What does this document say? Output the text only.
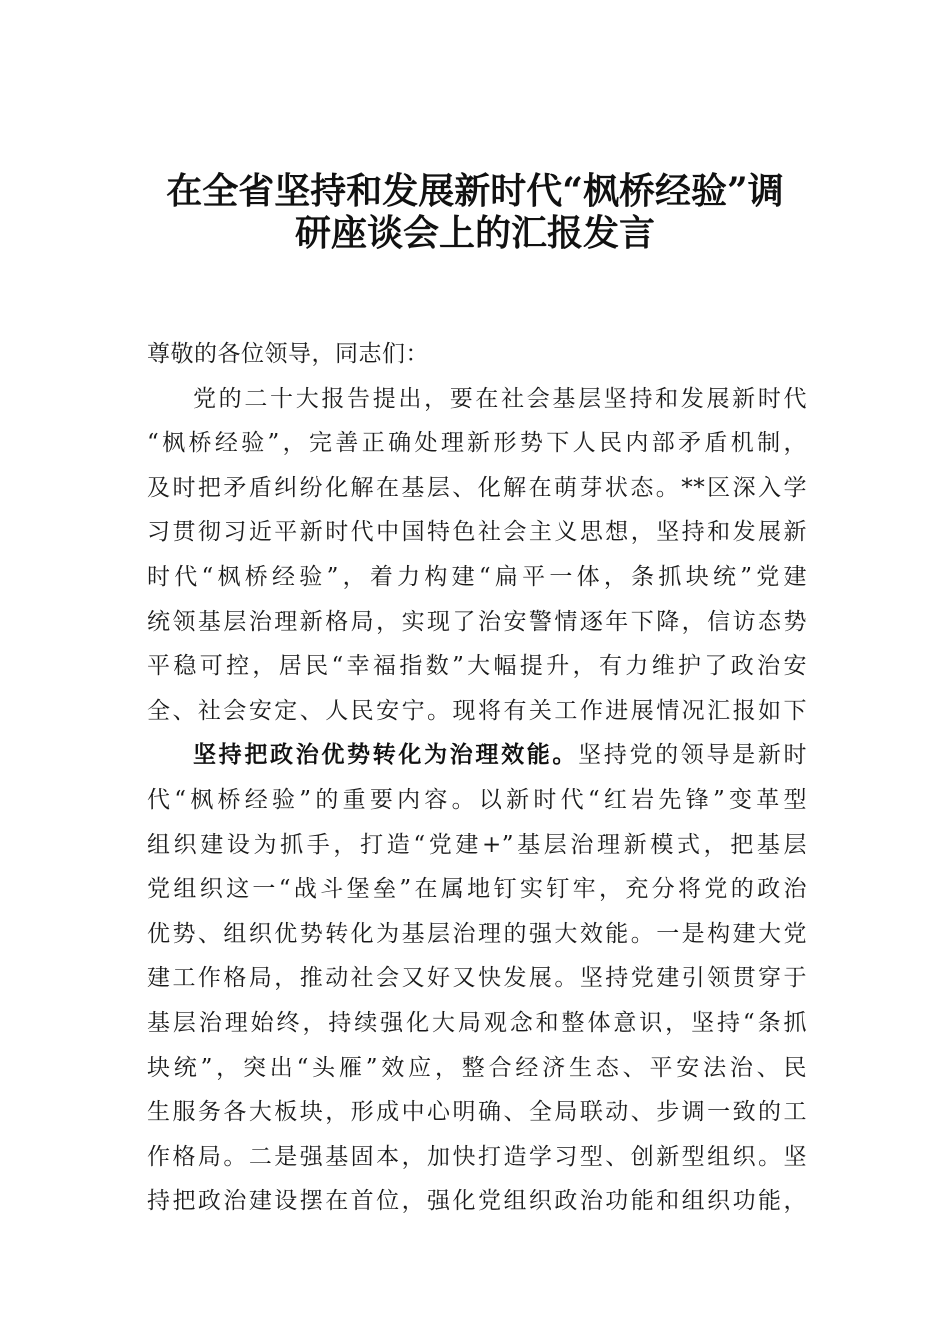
在全省坚持和发展新时代“枫桥经验”调
研座谈会上的汇报发言
尊敬的各位领导，同志们：
党的二十大报告提出，要在社会基层坚持和发展新时代
“枫桥经验”，完善正确处理新形势下人民内部矛盾机制，
及时把矛盾纠纷化解在基层、化解在萌芽状态。**区深入学
习贯彻习近平新时代中国特色社会主义思想，坚持和发展新
时代“枫桥经验”，着力构建“扁平一体，条抓块统”党建
统领基层治理新格局，实现了治安警情逐年下降，信访态势
平稳可控，居民“幸福指数”大幅提升，有力维护了政治安
全、社会安定、人民安宁。现将有关工作进展情况汇报如下
坚持把政治优势转化为治理效能。坚持党的领导是新时
代“枫桥经验”的重要内容。以新时代“红岩先锋”变革型
组织建设为抓手，打造“党建+”基层治理新模式，把基层
党组织这一“战斗堡垒”在属地钉实钉牢，充分将党的政治
优势、组织优势转化为基层治理的强大效能。一是构建大党
建工作格局，推动社会又好又快发展。坚持党建引领贯穿于
基层治理始终，持续强化大局观念和整体意识，坚持“条抓
块统”，突出“头雁”效应，整合经济生态、平安法治、民
生服务各大板块，形成中心明确、全局联动、步调一致的工
作格局。二是强基固本，加快打造学习型、创新型组织。坚
持把政治建设摆在首位，强化党组织政治功能和组织功能，
